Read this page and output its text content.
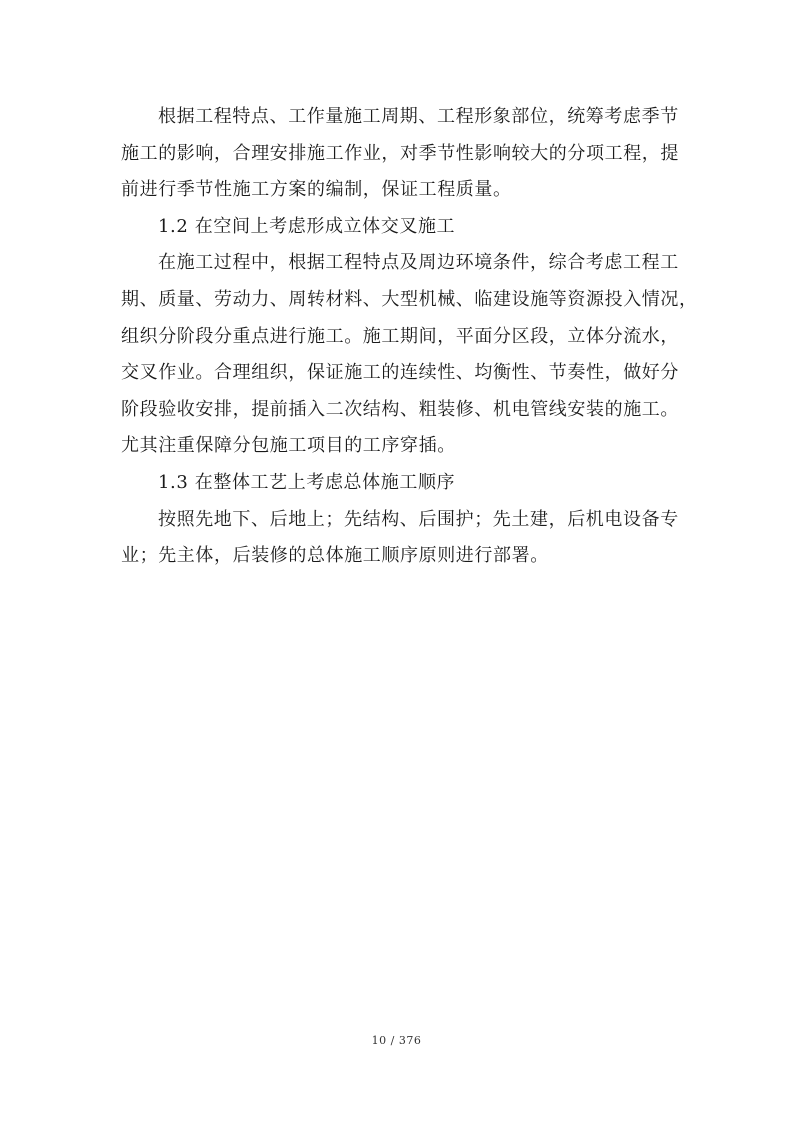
根据工程特点、工作量施工周期、工程形象部位，统筹考虑季节
施工的影响，合理安排施工作业，对季节性影响较大的分项工程，提
前进行季节性施工方案的编制，保证工程质量。
1.2 在空间上考虑形成立体交叉施工
在施工过程中，根据工程特点及周边环境条件，综合考虑工程工
期、质量、劳动力、周转材料、大型机械、临建设施等资源投入情况，
组织分阶段分重点进行施工。施工期间，平面分区段，立体分流水，
交叉作业。合理组织，保证施工的连续性、均衡性、节奏性，做好分
阶段验收安排，提前插入二次结构、粗装修、机电管线安装的施工。
尤其注重保障分包施工项目的工序穿插。
1.3 在整体工艺上考虑总体施工顺序
按照先地下、后地上；先结构、后围护；先土建，后机电设备专
业；先主体，后装修的总体施工顺序原则进行部署。
10 / 376
